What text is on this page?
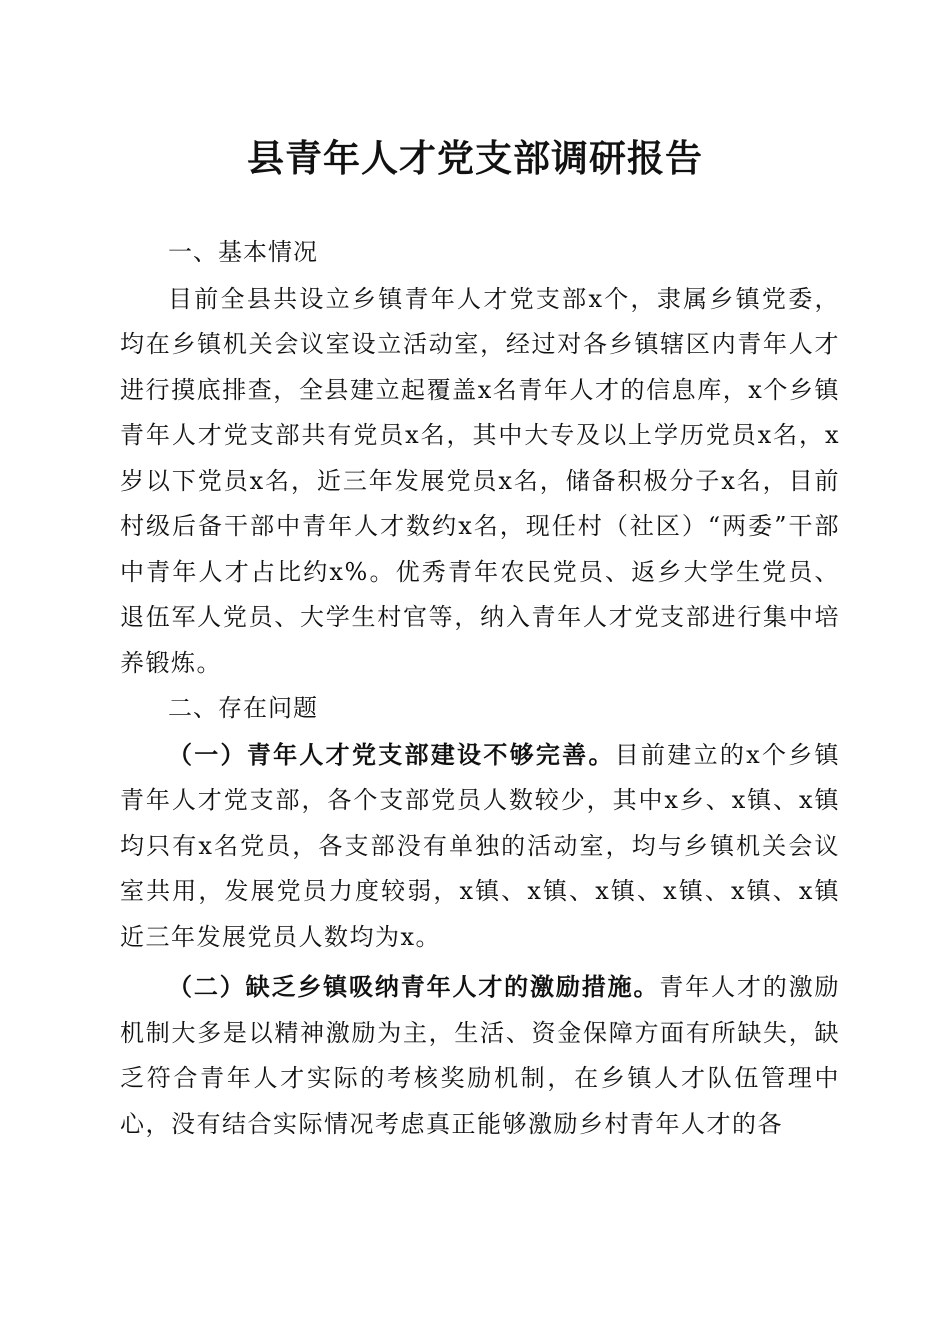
县青年人才党支部调研报告

一、基本情况

目前全县共设立乡镇青年人才党支部x个，隶属乡镇党委，均在乡镇机关会议室设立活动室，经过对各乡镇辖区内青年人才进行摸底排查，全县建立起覆盖x名青年人才的信息库，x个乡镇青年人才党支部共有党员x名，其中大专及以上学历党员x名，x岁以下党员x名，近三年发展党员x名，储备积极分子x名，目前村级后备干部中青年人才数约x名，现任村（社区）“两委”干部中青年人才占比约x%。优秀青年农民党员、返乡大学生党员、退伍军人党员、大学生村官等，纳入青年人才党支部进行集中培养锻炼。

二、存在问题

（一）青年人才党支部建设不够完善。目前建立的x个乡镇青年人才党支部，各个支部党员人数较少，其中x乡、x镇、x镇均只有x名党员，各支部没有单独的活动室，均与乡镇机关会议室共用，发展党员力度较弱，x镇、x镇、x镇、x镇、x镇、x镇近三年发展党员人数均为x。

（二）缺乏乡镇吸纳青年人才的激励措施。青年人才的激励机制大多是以精神激励为主，生活、资金保障方面有所缺失，缺乏符合青年人才实际的考核奖励机制，在乡镇人才队伍管理中心，没有结合实际情况考虑真正能够激励乡村青年人才的各
